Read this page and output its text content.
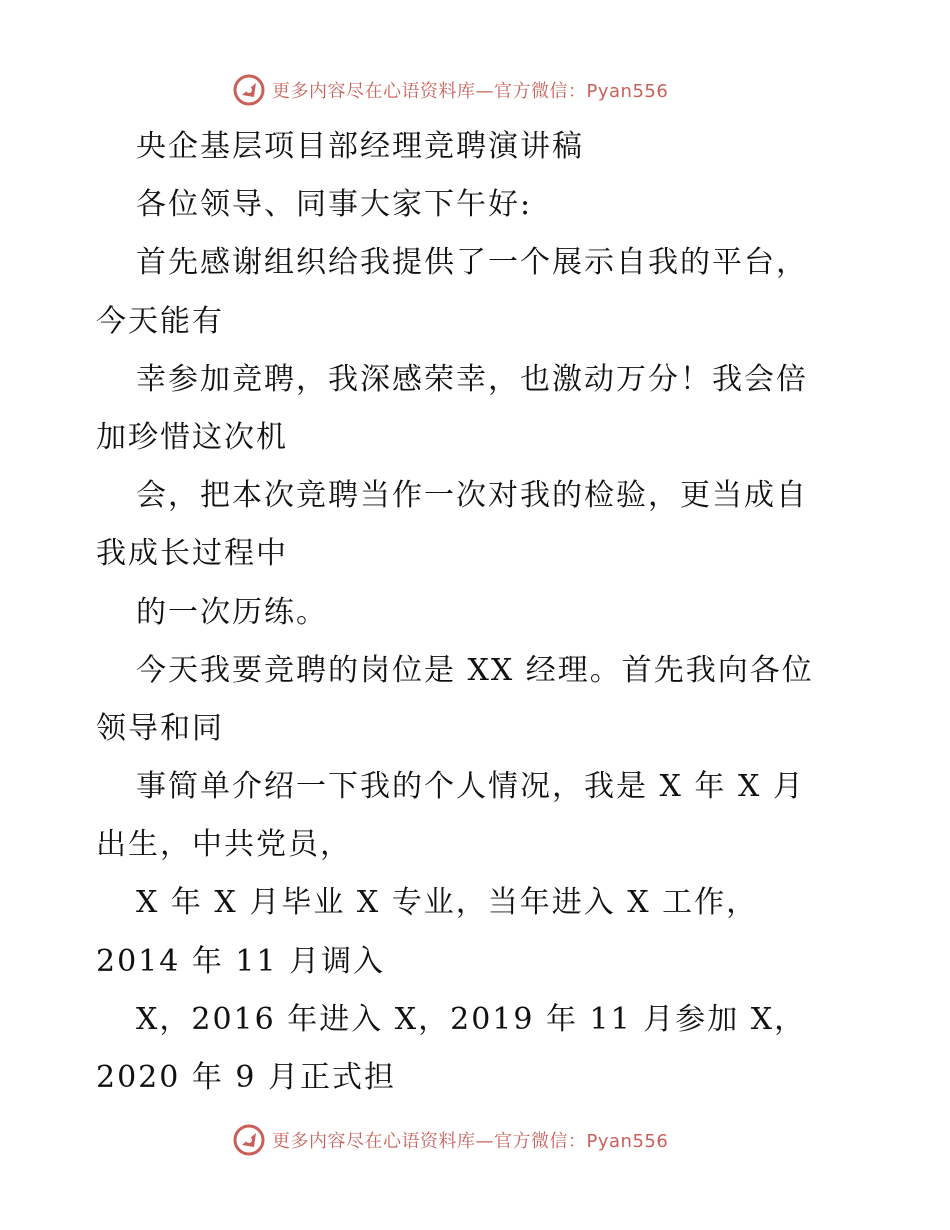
更多内容尽在心语资料库—官方微信：Pyan556
央企基层项目部经理竞聘演讲稿
各位领导、同事大家下午好:
首先感谢组织给我提供了一个展示自我的平台，
今天能有
幸参加竞聘，我深感荣幸，也激动万分！我会倍
加珍惜这次机
会，把本次竞聘当作一次对我的检验，更当成自
我成长过程中
的一次历练。
今天我要竞聘的岗位是 XX 经理。首先我向各位
领导和同
事简单介绍一下我的个人情况，我是 X 年 X 月
出生，中共党员，
X 年 X 月毕业 X 专业，当年进入 X 工作，
2014 年 11 月调入
X，2016 年进入 X，2019 年 11 月参加 X，
2020 年 9 月正式担
更多内容尽在心语资料库—官方微信：Pyan556
